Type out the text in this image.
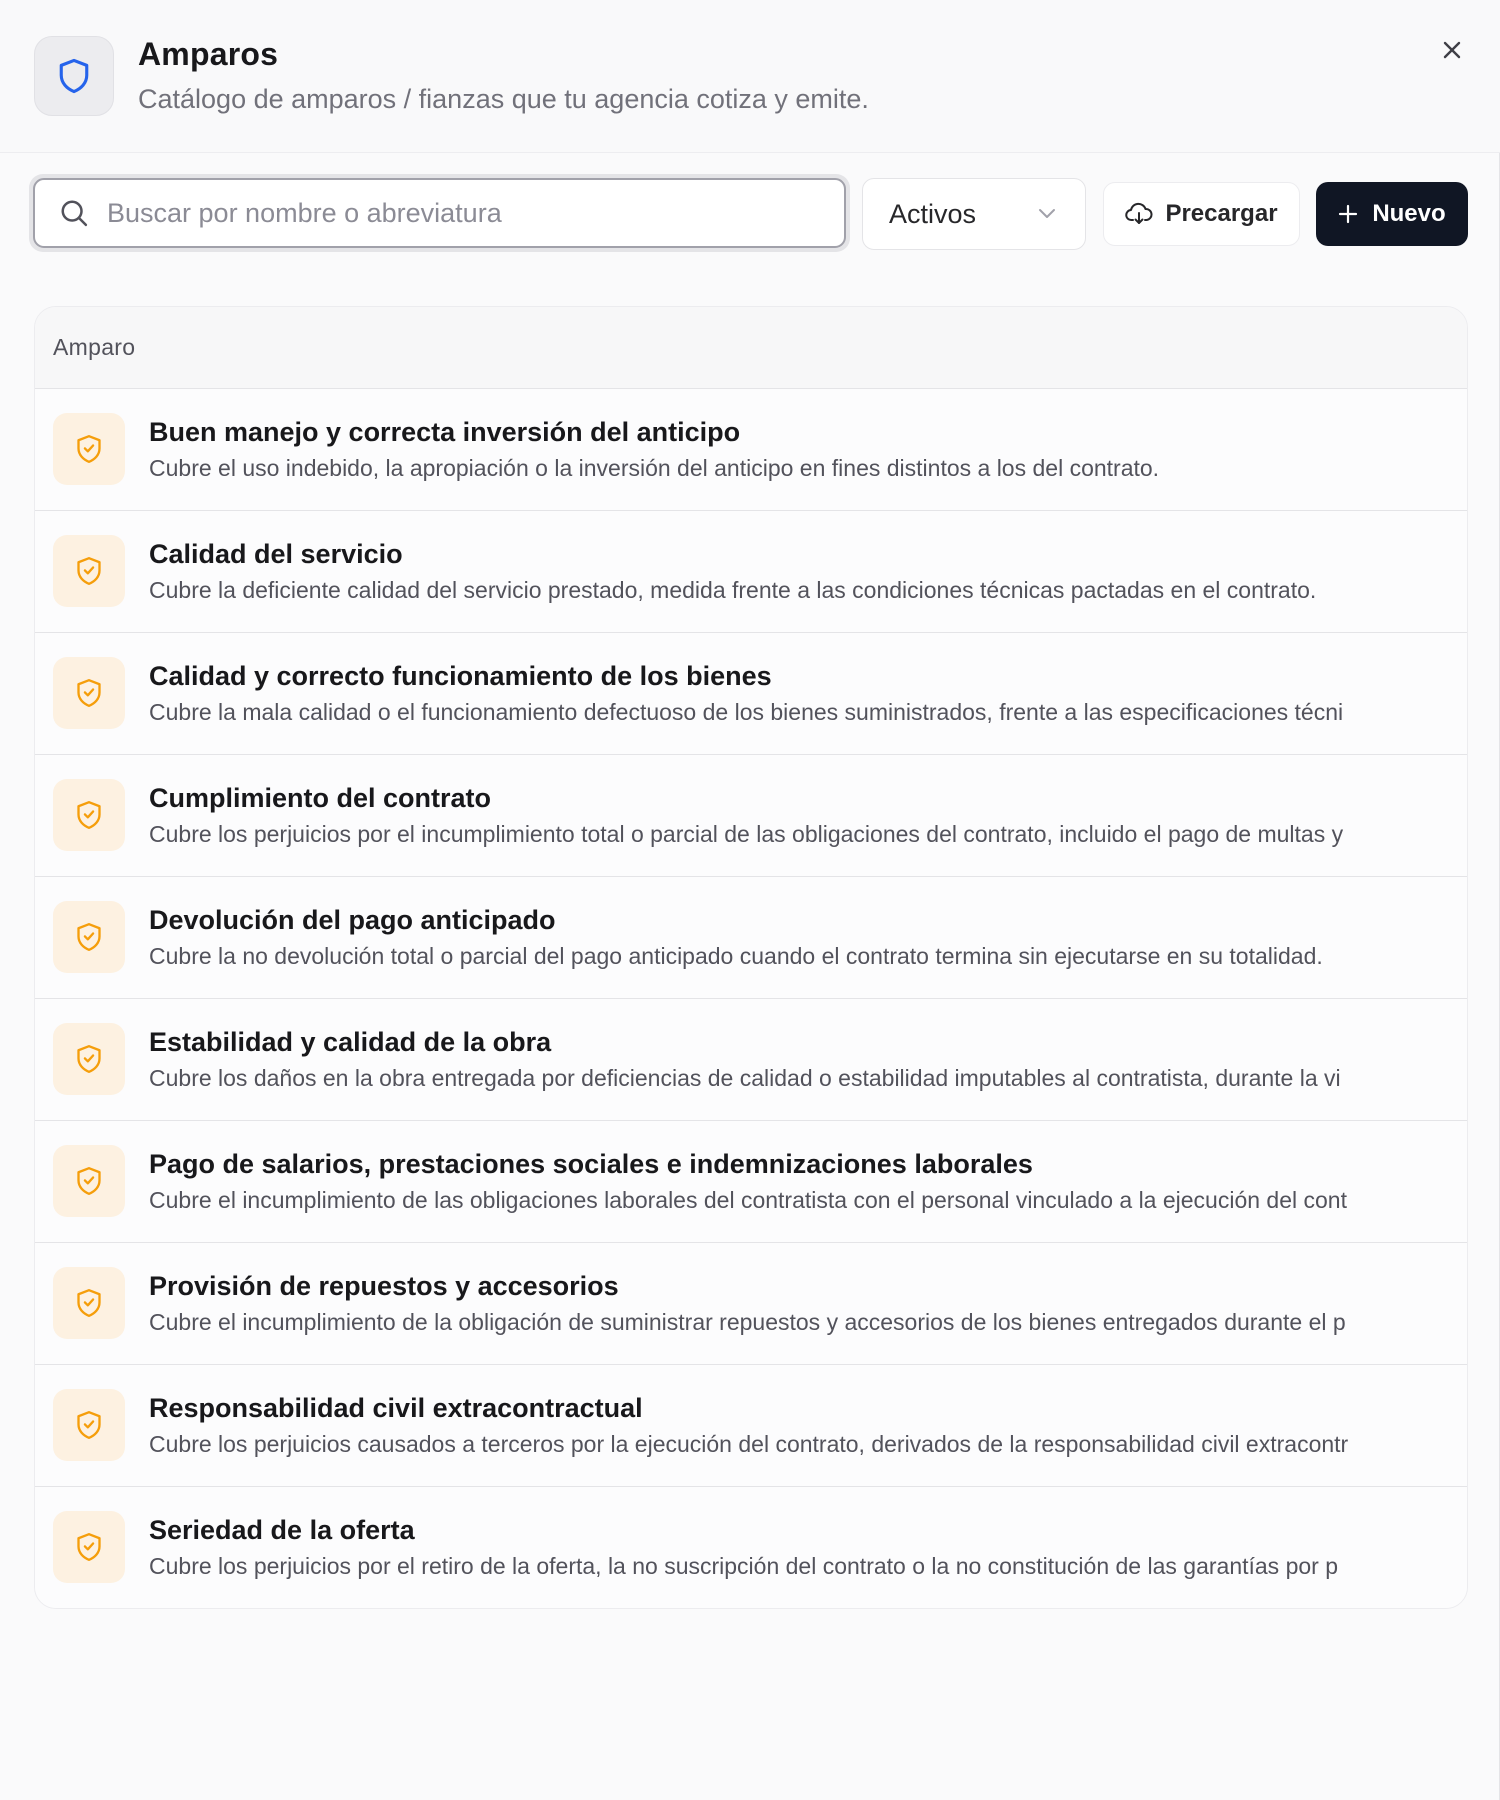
Amparos
Catálogo de amparos / fianzas que tu agencia cotiza y emite.
Buscar por nombre o abreviatura
Activos	Precargar	Nuevo
Amparo
Buen manejo y correcta inversión del anticipo
Cubre el uso indebido, la apropiación o la inversión del anticipo en fines distintos a los del contrato.
Calidad del servicio
Cubre la deficiente calidad del servicio prestado, medida frente a las condiciones técnicas pactadas en el contrato.
Calidad y correcto funcionamiento de los bienes
Cubre la mala calidad o el funcionamiento defectuoso de los bienes suministrados, frente a las especificaciones técni
Cumplimiento del contrato
Cubre los perjuicios por el incumplimiento total o parcial de las obligaciones del contrato, incluido el pago de multas y
Devolución del pago anticipado
Cubre la no devolución total o parcial del pago anticipado cuando el contrato termina sin ejecutarse en su totalidad.
Estabilidad y calidad de la obra
Cubre los daños en la obra entregada por deficiencias de calidad o estabilidad imputables al contratista, durante la vi
Pago de salarios, prestaciones sociales e indemnizaciones laborales
Cubre el incumplimiento de las obligaciones laborales del contratista con el personal vinculado a la ejecución del cont
Provisión de repuestos y accesorios
Cubre el incumplimiento de la obligación de suministrar repuestos y accesorios de los bienes entregados durante el p
Responsabilidad civil extracontractual
Cubre los perjuicios causados a terceros por la ejecución del contrato, derivados de la responsabilidad civil extracontr
Seriedad de la oferta
Cubre los perjuicios por el retiro de la oferta, la no suscripción del contrato o la no constitución de las garantías por p
